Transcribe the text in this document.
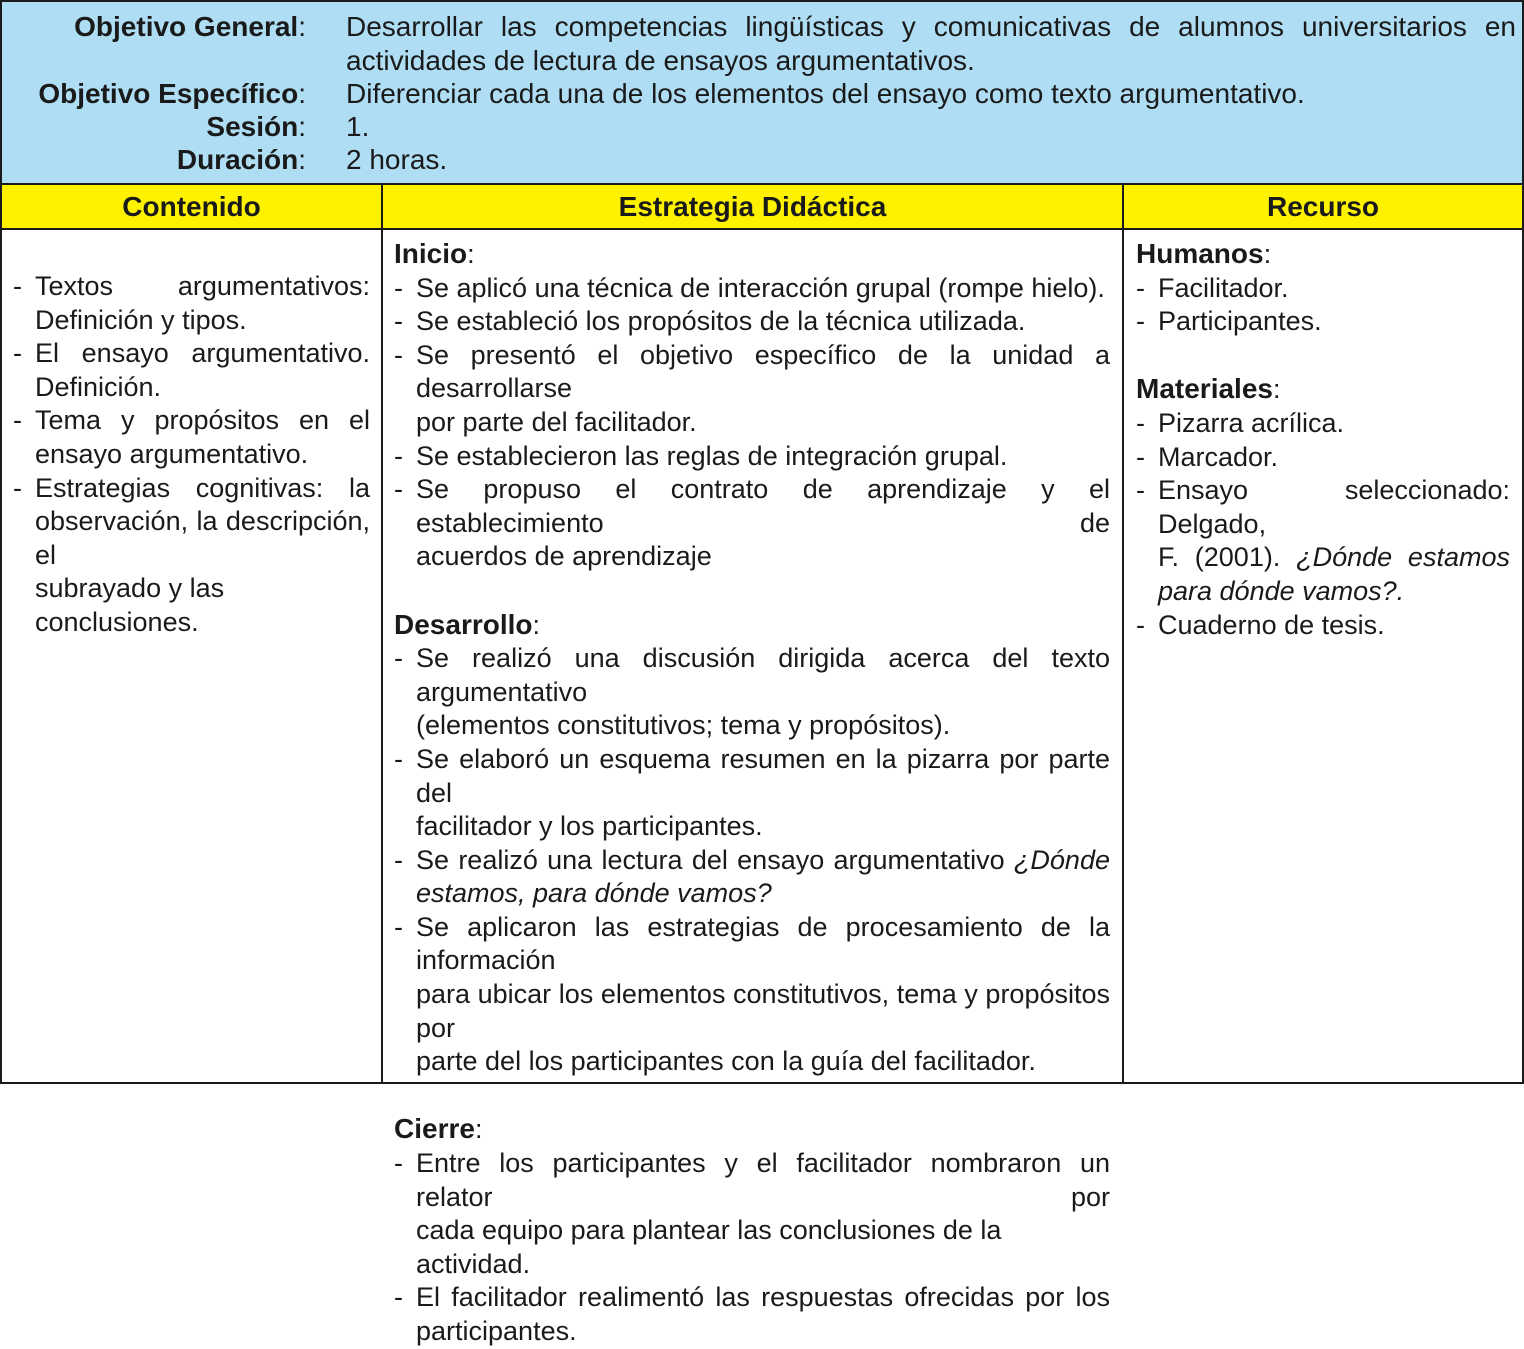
Objetivo General: Desarrollar las competencias lingüísticas y comunicativas de alumnos universitarios en
actividades de lectura de ensayos argumentativos.
Objetivo Específico: Diferenciar cada una de los elementos del ensayo como texto argumentativo.
Sesión: 1.
Duración: 2 horas.
Contenido	Estrategia Didáctica	Recurso
- Textos argumentativos:
Definición y tipos.
- El ensayo argumentativo.
Definición.
- Tema y propósitos en el
ensayo argumentativo.
- Estrategias cognitivas: la
observación, la descripción, el
subrayado y las conclusiones.
Inicio:
- Se aplicó una técnica de interacción grupal (rompe hielo).
- Se estableció los propósitos de la técnica utilizada.
- Se presentó el objetivo específico de la unidad a desarrollarse
por parte del facilitador.
- Se establecieron las reglas de integración grupal.
- Se propuso el contrato de aprendizaje y el establecimiento de
acuerdos de aprendizaje
Desarrollo:
- Se realizó una discusión dirigida acerca del texto argumentativo
(elementos constitutivos; tema y propósitos).
- Se elaboró un esquema resumen en la pizarra por parte del
facilitador y los participantes.
- Se realizó una lectura del ensayo argumentativo ¿Dónde
estamos, para dónde vamos?
- Se aplicaron las estrategias de procesamiento de la información
para ubicar los elementos constitutivos, tema y propósitos por
parte del los participantes con la guía del facilitador.
Cierre:
- Entre los participantes y el facilitador nombraron un relator por
cada equipo para plantear las conclusiones de la actividad.
- El facilitador realimentó las respuestas ofrecidas por los
participantes.
Humanos:
- Facilitador.
- Participantes.
Materiales:
- Pizarra acrílica.
- Marcador.
- Ensayo seleccionado: Delgado,
F. (2001). ¿Dónde estamos
para dónde vamos?.
- Cuaderno de tesis.
